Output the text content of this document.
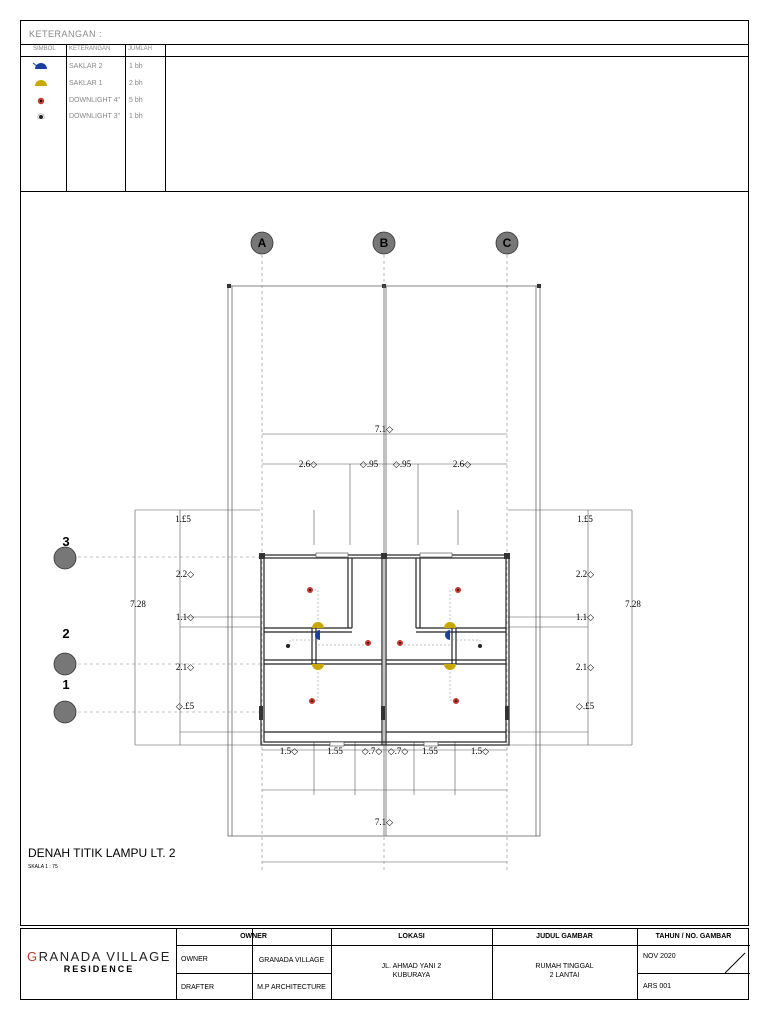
KETERANGAN :
SIMBOL KETERANGAN	JUMLAH
SAKLAR 2	1 bh
SAKLAR 1	2 bh
DOWNLIGHT 4" 5 bh
DOWNLIGHT 3" 1 bh
A	B	C
3
2
1
7.1◇
2.6◇	◇.95 ◇.95	2.6◇
1.£5
2.2◇
1.1◇
2.1◇
◇.£5
7.28
1.£5
2.2◇
1.1◇
2.1◇
◇.£5
7.28
1.5◇	1.55 ◇.7◇ ◇.7◇ 1.55	1.5◇
7.1◇
DENAH TITIK LAMPU LT. 2
SKALA 1 : 75
GRANADA VILLAGE
RESIDENCE
OWNER	LOKASI	JUDUL GAMBAR	TAHUN / NO. GAMBAR
OWNER	GRANADA VILLAGE
DRAFTER	M.P ARCHITECTURE
JL. AHMAD YANI 2
KUBURAYA
RUMAH TINGGAL
2 LANTAI
NOV 2020
ARS 001
